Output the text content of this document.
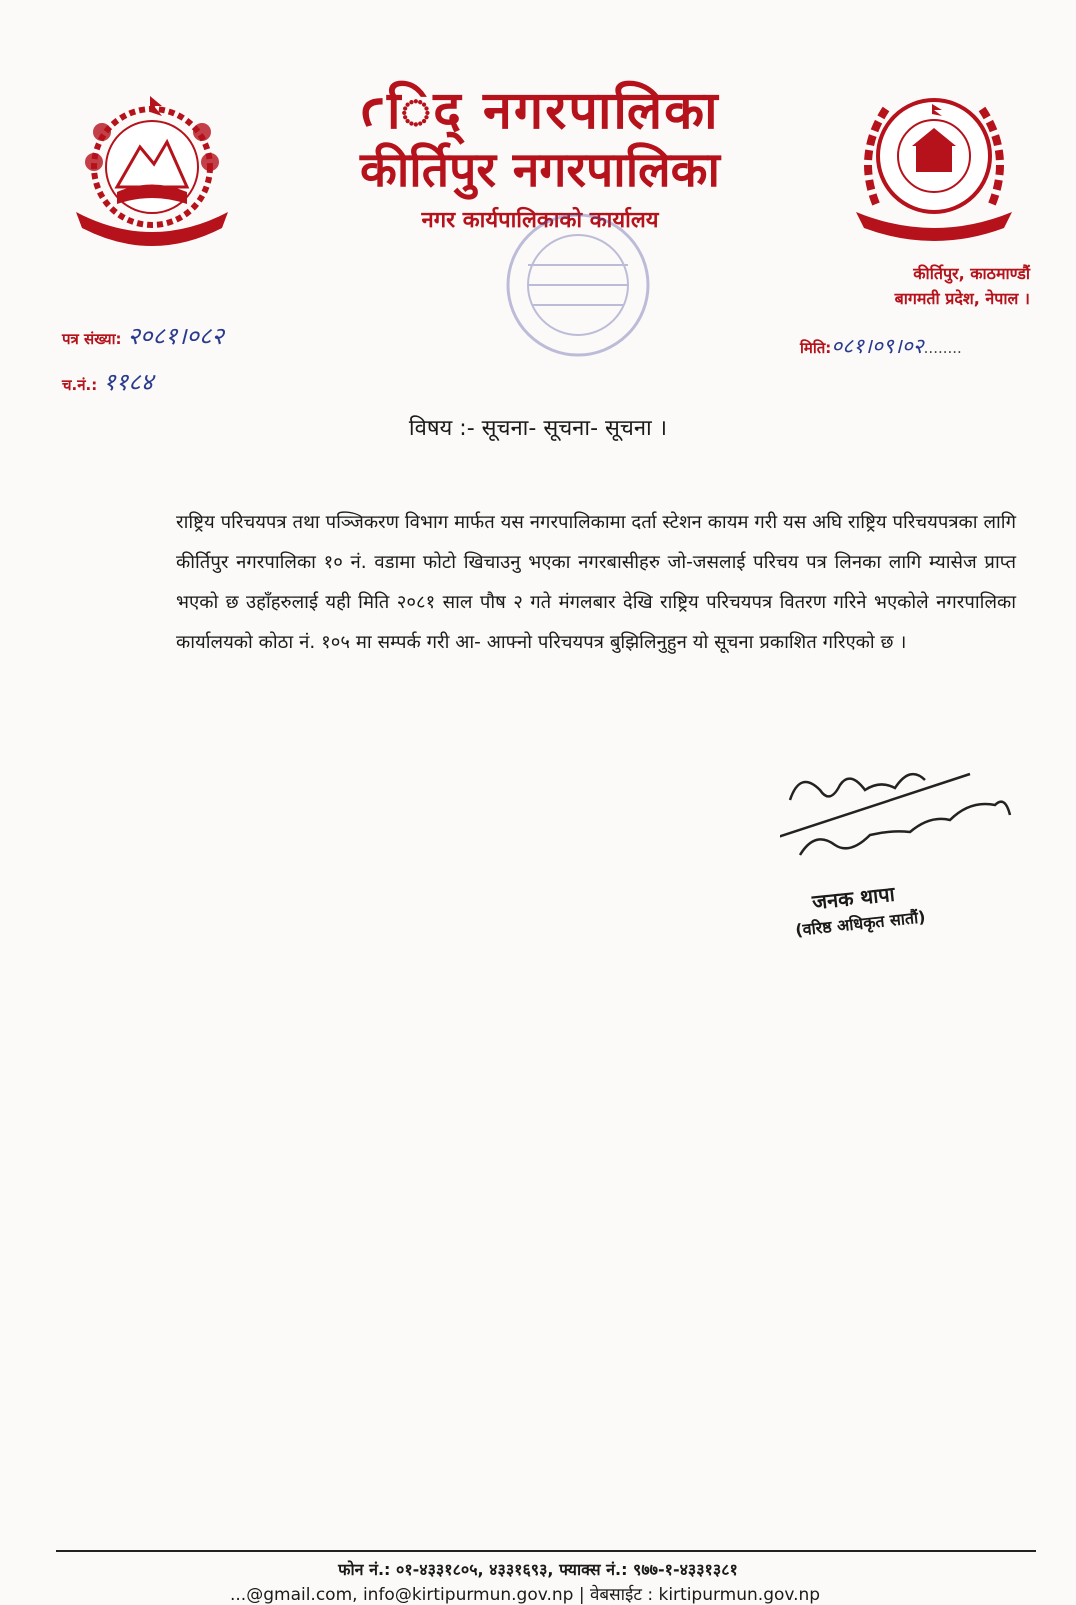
ꜥिद्‌ नगरपालिका
कीर्तिपुर नगरपालिका
नगर कार्यपालिकाको कार्यालय
कीर्तिपुर, काठमाण्डौं
बागमती प्रदेश, नेपाल ।
पत्र संख्या: २०८१।०८२
च.नं.: ११८४
मिति:०८१।०९।०२........
विषय :- सूचना- सूचना- सूचना ।
राष्ट्रिय परिचयपत्र तथा पञ्जिकरण विभाग मार्फत यस नगरपालिकामा दर्ता स्टेशन कायम गरी यस अघि राष्ट्रिय परिचयपत्रका लागि कीर्तिपुर नगरपालिका १० नं. वडामा फोटो खिचाउनु भएका नगरबासीहरु जो-जसलाई परिचय पत्र लिनका लागि म्यासेज प्राप्त भएको छ उहाँहरुलाई यही मिति २०८१ साल पौष २ गते मंगलबार देखि राष्ट्रिय परिचयपत्र वितरण गरिने भएकोले नगरपालिका कार्यालयको कोठा नं. १०५ मा सम्पर्क गरी आ- आफ्नो परिचयपत्र बुझिलिनुहुन यो सूचना प्रकाशित गरिएको छ ।
जनक थापा
(वरिष्ठ अधिकृत सातौं)
फोन नं.: ०१-४३३१८०५, ४३३१६९३, फ्याक्स नं.: ९७७-१-४३३१३८१
...@gmail.com, info@kirtipurmun.gov.np | वेबसाईट : kirtipurmun.gov.np
